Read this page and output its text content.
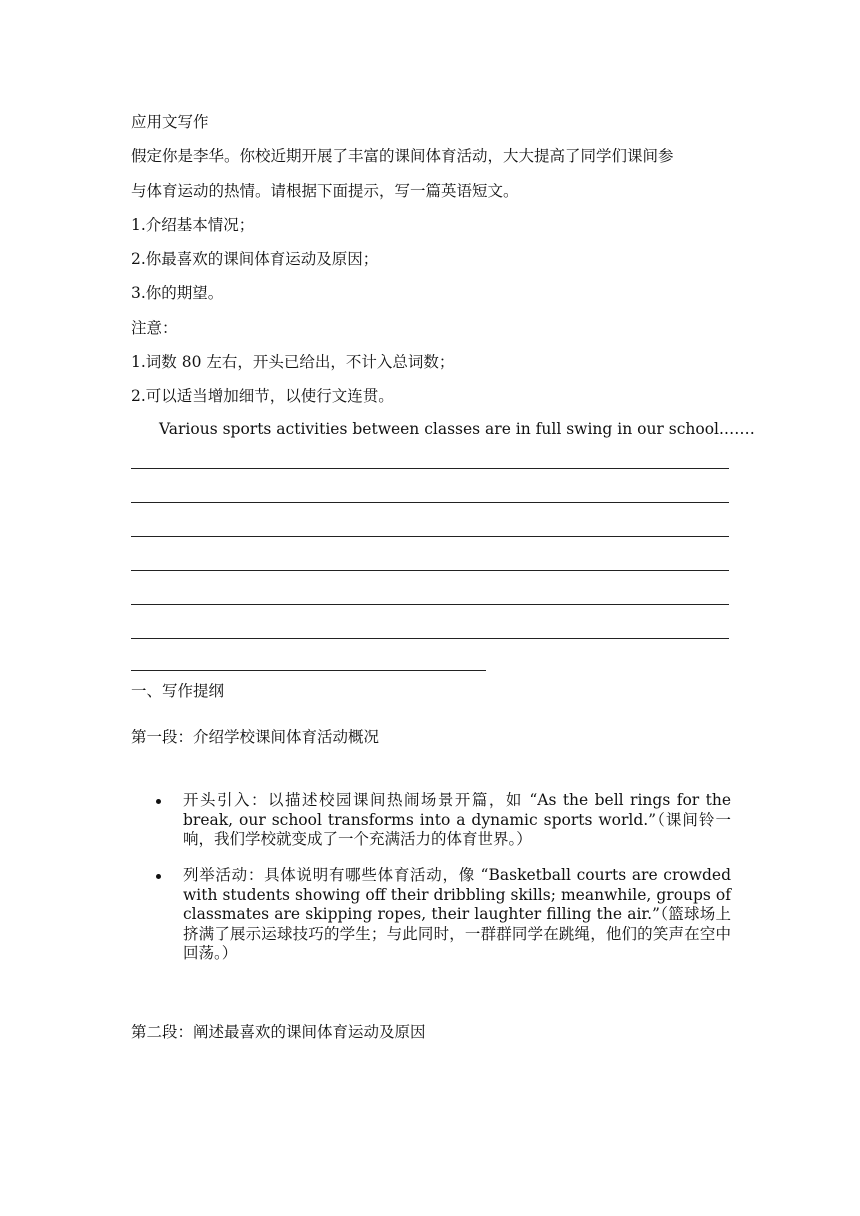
应用文写作
假定你是李华。你校近期开展了丰富的课间体育活动，大大提高了同学们课间参
与体育运动的热情。请根据下面提示，写一篇英语短文。
1.介绍基本情况；
2.你最喜欢的课间体育运动及原因；
3.你的期望。
注意：
1.词数 80 左右，开头已给出，不计入总词数；
2.可以适当增加细节，以使行文连贯。
Various sports activities between classes are in full swing in our school.……
一、写作提纲
第一段：介绍学校课间体育活动概况
开头引入：以描述校园课间热闹场景开篇，如 “As the bell rings for the break, our school transforms into a dynamic sports world.”（课间铃一响，我们学校就变成了一个充满活力的体育世界。）
列举活动：具体说明有哪些体育活动，像 “Basketball courts are crowded with students showing off their dribbling skills; meanwhile, groups of classmates are skipping ropes, their laughter filling the air.”（篮球场上挤满了展示运球技巧的学生；与此同时，一群群同学在跳绳，他们的笑声在空中回荡。）
第二段：阐述最喜欢的课间体育运动及原因
